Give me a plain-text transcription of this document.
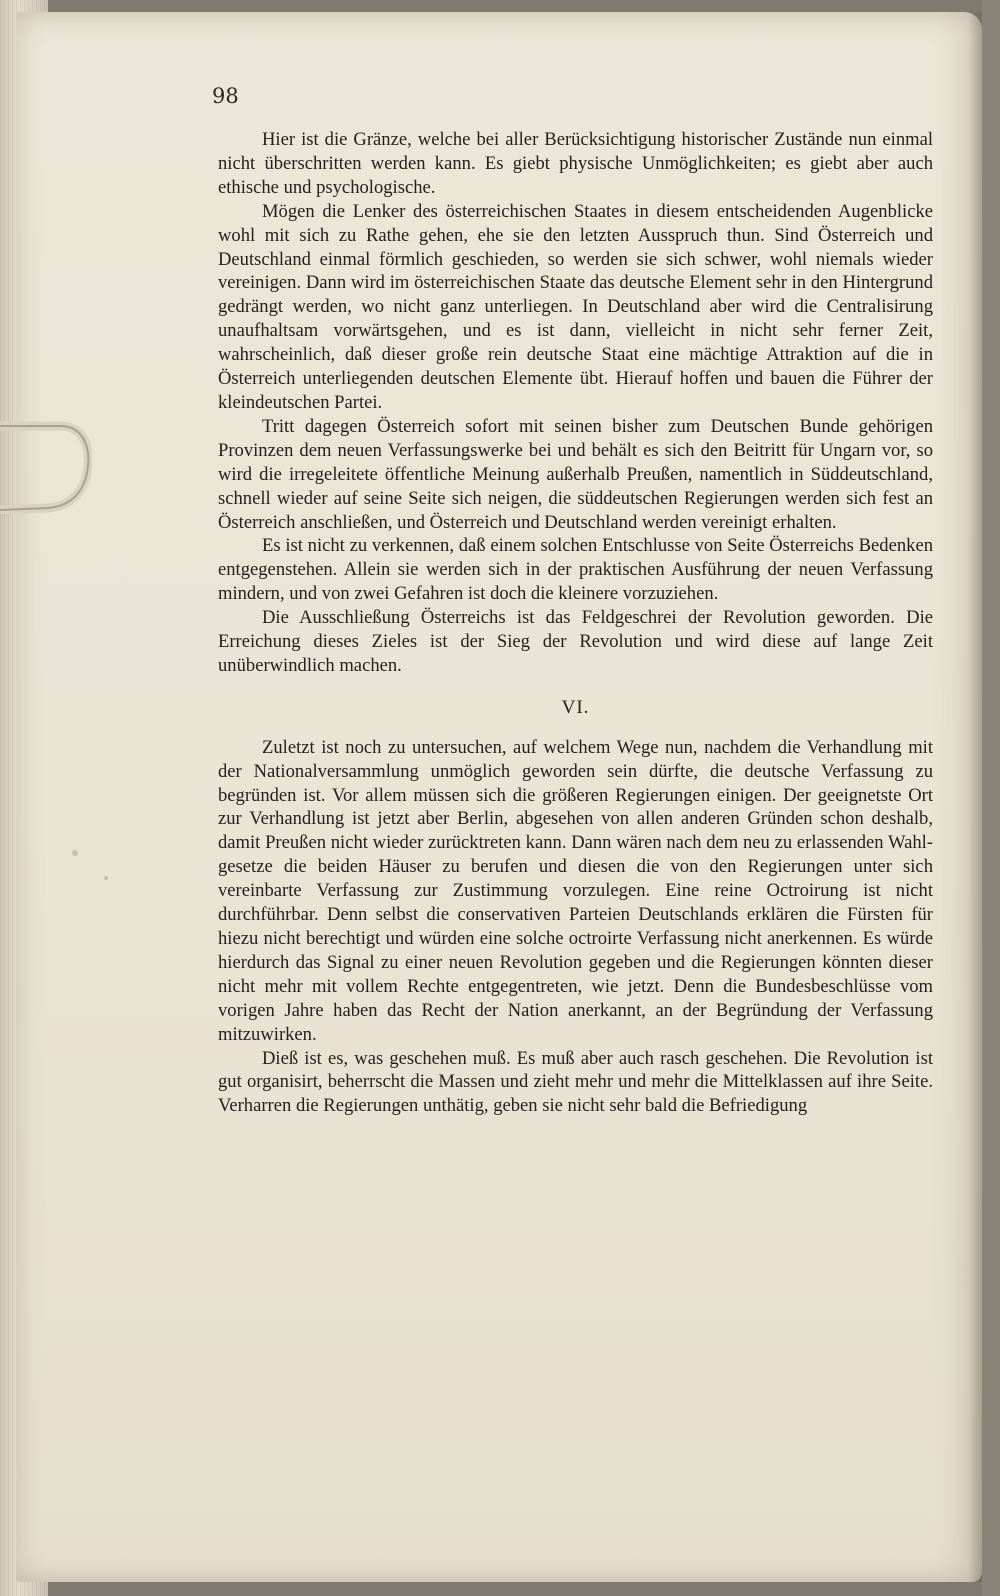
98

Hier ist die Gränze, welche bei aller Berücksichtigung historischer Zustände nun einmal nicht überschritten werden kann. Es giebt physische Unmöglichkeiten; es giebt aber auch ethische und psychologische.

Mögen die Lenker des österreichischen Staates in diesem entscheidenden Augenblicke wohl mit sich zu Rathe gehen, ehe sie den letzten Ausspruch thun. Sind Österreich und Deutschland einmal förmlich geschieden, so werden sie sich schwer, wohl niemals wieder vereinigen. Dann wird im österreichischen Staate das deutsche Element sehr in den Hintergrund gedrängt werden, wo nicht ganz unterliegen. In Deutschland aber wird die Centralisirung unaufhaltsam vorwärtsgehen, und es ist dann, vielleicht in nicht sehr ferner Zeit, wahrscheinlich, daß dieser große rein deutsche Staat eine mächtige Attraktion auf die in Österreich unterliegenden deutschen Elemente übt. Hierauf hoffen und bauen die Führer der kleindeutschen Partei.

Tritt dagegen Österreich sofort mit seinen bisher zum Deutschen Bunde gehörigen Provinzen dem neuen Verfassungswerke bei und behält es sich den Beitritt für Ungarn vor, so wird die irregeleitete öffentliche Meinung außerhalb Preußen, namentlich in Süddeutschland, schnell wieder auf seine Seite sich neigen, die süddeutschen Regierungen werden sich fest an Österreich anschließen, und Österreich und Deutschland werden vereinigt erhalten.

Es ist nicht zu verkennen, daß einem solchen Entschlusse von Seite Österreichs Bedenken entgegenstehen. Allein sie werden sich in der praktischen Ausführung der neuen Verfassung mindern, und von zwei Gefahren ist doch die kleinere vorzuziehen.

Die Ausschließung Österreichs ist das Feldgeschrei der Revolution geworden. Die Erreichung dieses Zieles ist der Sieg der Revolution und wird diese auf lange Zeit unüberwindlich machen.

VI.

Zuletzt ist noch zu untersuchen, auf welchem Wege nun, nachdem die Verhandlung mit der Nationalversammlung unmöglich geworden sein dürfte, die deutsche Verfassung zu begründen ist. Vor allem müssen sich die größeren Regierungen einigen. Der geeignetste Ort zur Verhandlung ist jetzt aber Berlin, abgesehen von allen anderen Gründen schon deshalb, damit Preußen nicht wieder zurücktreten kann. Dann wären nach dem neu zu erlassenden Wahlgesetze die beiden Häuser zu berufen und diesen die von den Regierungen unter sich vereinbarte Verfassung zur Zustimmung vorzulegen. Eine reine Octroirung ist nicht durchführbar. Denn selbst die conservativen Parteien Deutschlands erklären die Fürsten für hiezu nicht berechtigt und würden eine solche octroirte Verfassung nicht anerkennen. Es würde hierdurch das Signal zu einer neuen Revolution gegeben und die Regierungen könnten dieser nicht mehr mit vollem Rechte entgegentreten, wie jetzt. Denn die Bundesbeschlüsse vom vorigen Jahre haben das Recht der Nation anerkannt, an der Begründung der Verfassung mitzuwirken.

Dieß ist es, was geschehen muß. Es muß aber auch rasch geschehen. Die Revolution ist gut organisirt, beherrscht die Massen und zieht mehr und mehr die Mittelklassen auf ihre Seite. Verharren die Regierungen unthätig, geben sie nicht sehr bald die Befriedigung
